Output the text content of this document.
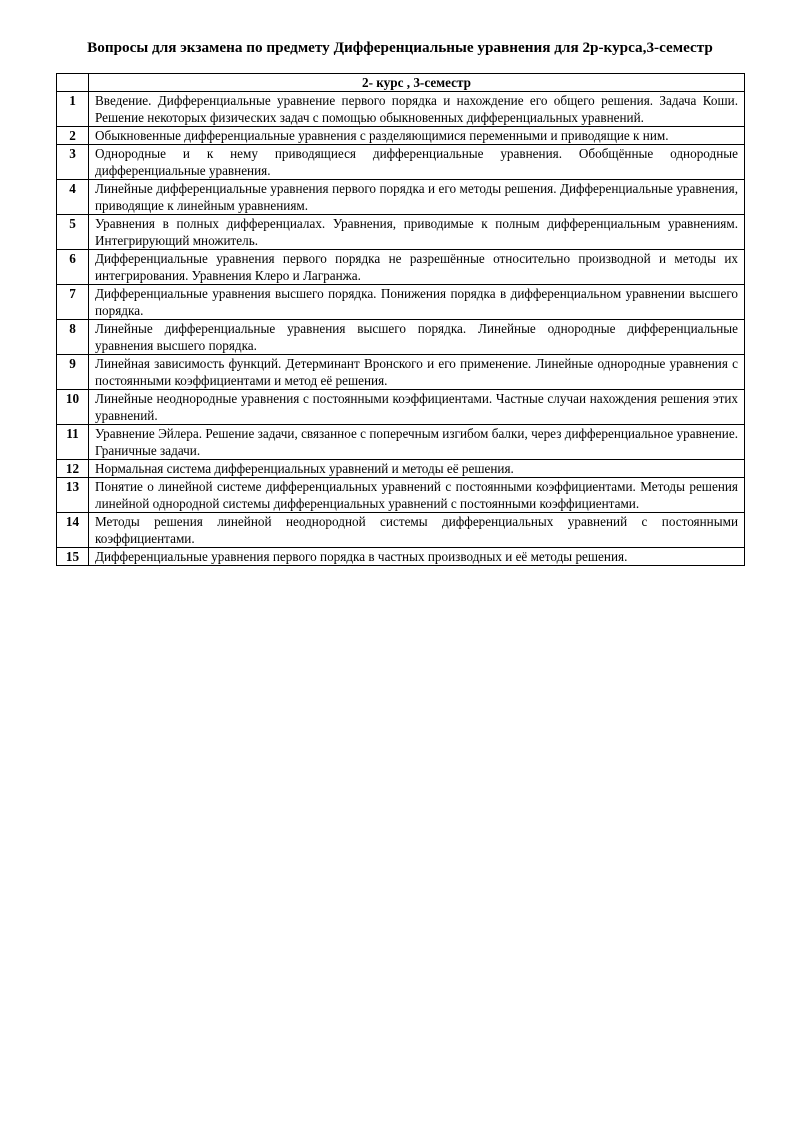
Вопросы для экзамена по предмету Дифференциальные уравнения для 2р-курса,3-семестр
	2- курс , 3-семестр
1	Введение. Дифференциальные уравнение первого порядка и нахождение его общего решения. Задача Коши. Решение некоторых физических задач с помощью обыкновенных дифференциальных уравнений.
2	Обыкновенные дифференциальные уравнения с разделяющимися переменными и приводящие к ним.
3	Однородные и к нему приводящиеся дифференциальные уравнения. Обобщённые однородные дифференциальные уравнения.
4	Линейные дифференциальные уравнения первого порядка и его методы решения. Дифференциальные уравнения, приводящие к линейным уравнениям.
5	Уравнения в полных дифференциалах. Уравнения, приводимые к полным дифференциальным уравнениям. Интегрирующий множитель.
6	Дифференциальные уравнения первого порядка не разрешённые относительно производной и методы их интегрирования. Уравнения Клеро и Лагранжа.
7	Дифференциальные уравнения высшего порядка. Понижения порядка в дифференциальном уравнении высшего порядка.
8	Линейные дифференциальные уравнения высшего порядка. Линейные однородные дифференциальные уравнения высшего порядка.
9	Линейная зависимость функций. Детерминант Вронского и его применение. Линейные однородные уравнения с постоянными коэффициентами и метод её решения.
10	Линейные неоднородные уравнения с постоянными коэффициентами. Частные случаи нахождения решения этих уравнений.
11	Уравнение Эйлера. Решение задачи, связанное с поперечным изгибом балки, через дифференциальное уравнение. Граничные задачи.
12	Нормальная система дифференциальных уравнений и методы её решения.
13	Понятие о линейной системе дифференциальных уравнений с постоянными коэффициентами. Методы решения линейной однородной системы дифференциальных уравнений с постоянными коэффициентами.
14	Методы решения линейной неоднородной системы дифференциальных уравнений с постоянными коэффициентами.
15	Дифференциальные уравнения первого порядка в частных производных и её методы решения.
